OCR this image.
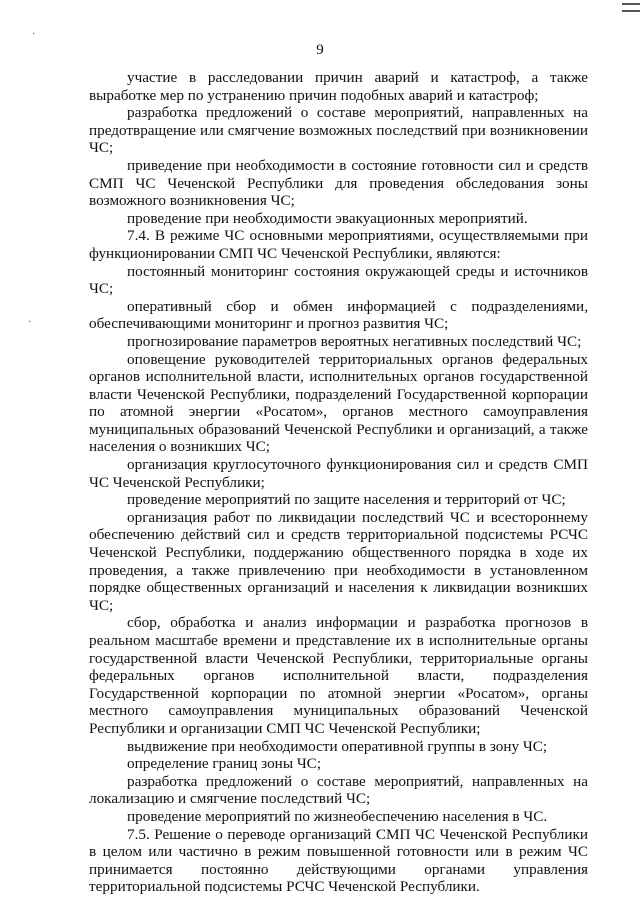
·
·
9

участие в расследовании причин аварий и катастроф, а также выработке мер по устранению причин подобных аварий и катастроф;

разработка предложений о составе мероприятий, направленных на предотвращение или смягчение возможных последствий при возникновении ЧС;

приведение при необходимости в состояние готовности сил и средств СМП ЧС Чеченской Республики для проведения обследования зоны возможного возникновения ЧС;

проведение при необходимости эвакуационных мероприятий.

7.4. В режиме ЧС основными мероприятиями, осуществляемыми при функционировании СМП ЧС Чеченской Республики, являются:

постоянный мониторинг состояния окружающей среды и источников ЧС;

оперативный сбор и обмен информацией с подразделениями, обеспечивающими мониторинг и прогноз развития ЧС;

прогнозирование параметров вероятных негативных последствий ЧС;

оповещение руководителей территориальных органов федеральных органов исполнительной власти, исполнительных органов государственной власти Чеченской Республики, подразделений Государственной корпорации по атомной энергии «Росатом», органов местного самоуправления муниципальных образований Чеченской Республики и организаций, а также населения о возникших ЧС;

организация круглосуточного функционирования сил и средств СМП ЧС Чеченской Республики;

проведение мероприятий по защите населения и территорий от ЧС;

организация работ по ликвидации последствий ЧС и всестороннему обеспечению действий сил и средств территориальной подсистемы РСЧС Чеченской Республики, поддержанию общественного порядка в ходе их проведения, а также привлечению при необходимости в установленном порядке общественных организаций и населения к ликвидации возникших ЧС;

сбор, обработка и анализ информации и разработка прогнозов в реальном масштабе времени и представление их в исполнительные органы государственной власти Чеченской Республики, территориальные органы федеральных органов исполнительной власти, подразделения Государственной корпорации по атомной энергии «Росатом», органы местного самоуправления муниципальных образований Чеченской Республики и организации СМП ЧС Чеченской Республики;

выдвижение при необходимости оперативной группы в зону ЧС;

определение границ зоны ЧС;

разработка предложений о составе мероприятий, направленных на локализацию и смягчение последствий ЧС;

проведение мероприятий по жизнеобеспечению населения в ЧС.

7.5. Решение о переводе организаций СМП ЧС Чеченской Республики в целом или частично в режим повышенной готовности или в режим ЧС принимается постоянно действующими органами управления территориальной подсистемы РСЧС Чеченской Республики.
